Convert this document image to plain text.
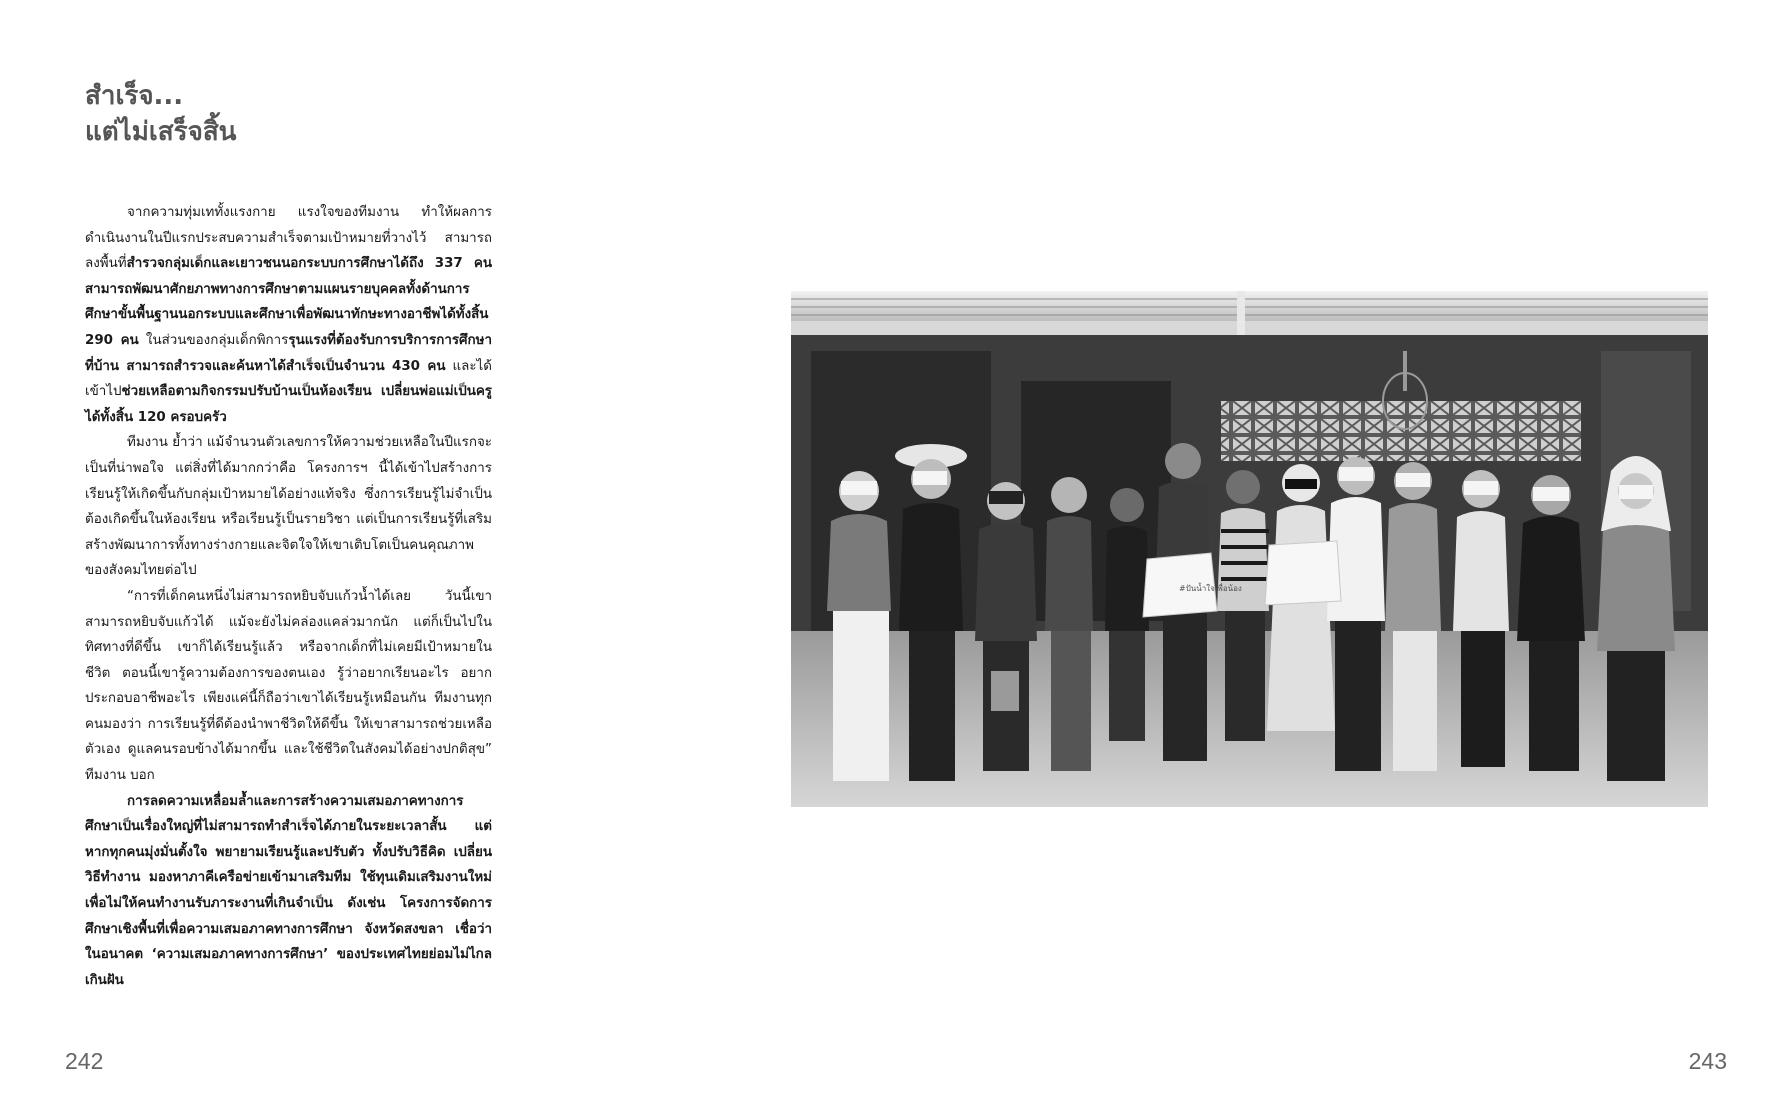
สำเร็จ...
แต่ไม่เสร็จสิ้น

จากความทุ่มเททั้งแรงกาย แรงใจของทีมงาน ทำให้ผลการดำเนินงานในปีแรกประสบความสำเร็จตามเป้าหมายที่วางไว้ สามารถลงพื้นที่สำรวจกลุ่มเด็กและเยาวชนนอกระบบการศึกษาได้ถึง 337 คน สามารถพัฒนาศักยภาพทางการศึกษาตามแผนรายบุคคลทั้งด้านการศึกษาขั้นพื้นฐานนอกระบบและศึกษาเพื่อพัฒนาทักษะทางอาชีพได้ทั้งสิ้น 290 คน ในส่วนของกลุ่มเด็กพิการรุนแรงที่ต้องรับการบริการการศึกษาที่บ้าน สามารถสำรวจและค้นหาได้สำเร็จเป็นจำนวน 430 คน และได้เข้าไปช่วยเหลือตามกิจกรรมปรับบ้านเป็นห้องเรียน เปลี่ยนพ่อแม่เป็นครู ได้ทั้งสิ้น 120 ครอบครัว

ทีมงาน ย้ำว่า แม้จำนวนตัวเลขการให้ความช่วยเหลือในปีแรกจะเป็นที่น่าพอใจ แต่สิ่งที่ได้มากกว่าคือ โครงการฯ นี้ได้เข้าไปสร้างการเรียนรู้ให้เกิดขึ้นกับกลุ่มเป้าหมายได้อย่างแท้จริง ซึ่งการเรียนรู้ไม่จำเป็นต้องเกิดขึ้นในห้องเรียน หรือเรียนรู้เป็นรายวิชา แต่เป็นการเรียนรู้ที่เสริมสร้างพัฒนาการทั้งทางร่างกายและจิตใจให้เขาเติบโตเป็นคนคุณภาพของสังคมไทยต่อไป

“การที่เด็กคนหนึ่งไม่สามารถหยิบจับแก้วน้ำได้เลย วันนี้เขาสามารถหยิบจับแก้วได้ แม้จะยังไม่คล่องแคล่วมากนัก แต่ก็เป็นไปในทิศทางที่ดีขึ้น เขาก็ได้เรียนรู้แล้ว หรือจากเด็กที่ไม่เคยมีเป้าหมายในชีวิต ตอนนี้เขารู้ความต้องการของตนเอง รู้ว่าอยากเรียนอะไร อยากประกอบอาชีพอะไร เพียงแค่นี้ก็ถือว่าเขาได้เรียนรู้เหมือนกัน ทีมงานทุกคนมองว่า การเรียนรู้ที่ดีต้องนำพาชีวิตให้ดีขึ้น ให้เขาสามารถช่วยเหลือตัวเอง ดูแลคนรอบข้างได้มากขึ้น และใช้ชีวิตในสังคมได้อย่างปกติสุข” ทีมงาน บอก

การลดความเหลื่อมล้ำและการสร้างความเสมอภาคทางการศึกษาเป็นเรื่องใหญ่ที่ไม่สามารถทำสำเร็จได้ภายในระยะเวลาสั้น แต่หากทุกคนมุ่งมั่นตั้งใจ พยายามเรียนรู้และปรับตัว ทั้งปรับวิธีคิด เปลี่ยนวิธีทำงาน มองหาภาคีเครือข่ายเข้ามาเสริมทีม ใช้ทุนเดิมเสริมงานใหม่ เพื่อไม่ให้คนทำงานรับภาระงานที่เกินจำเป็น ดังเช่น โครงการจัดการศึกษาเชิงพื้นที่เพื่อความเสมอภาคทางการศึกษา จังหวัดสงขลา เชื่อว่าในอนาคต ‘ความเสมอภาคทางการศึกษา’ ของประเทศไทยย่อมไม่ไกลเกินฝัน

242	243
#ปันน้ำใจเพื่อน้อง
